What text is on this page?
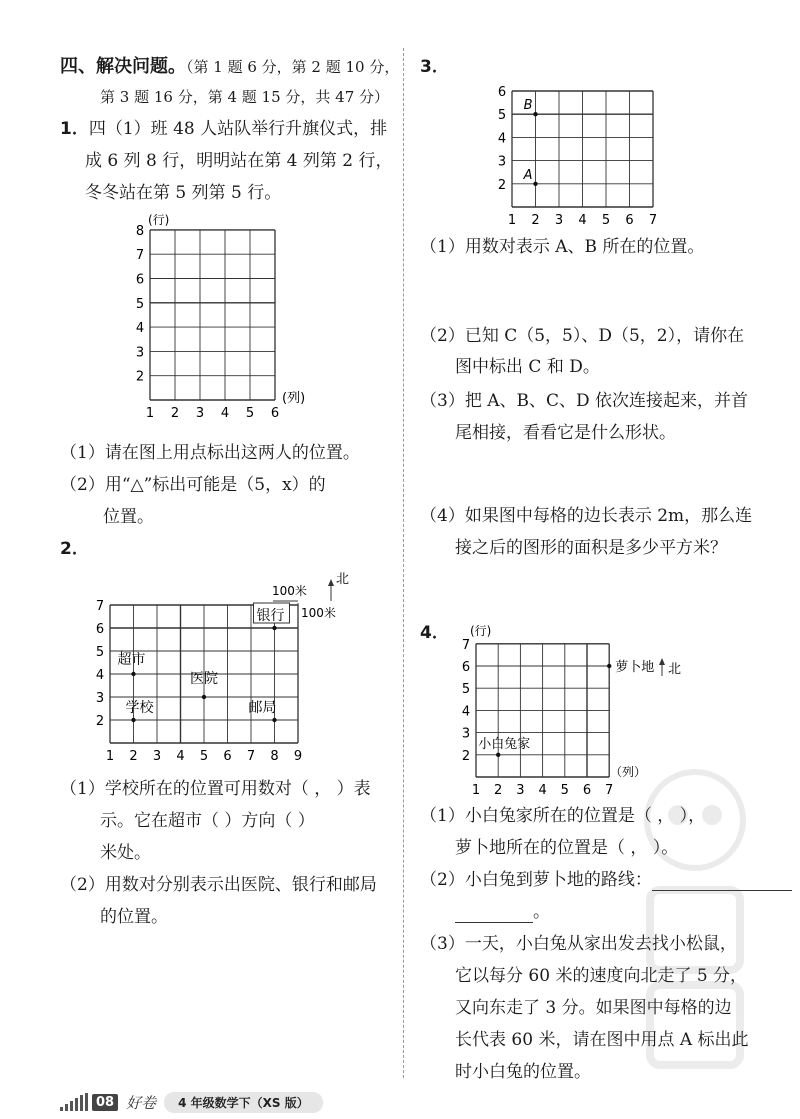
四、解决问题。（第 1 题 6 分，第 2 题 10 分，
第 3 题 16 分，第 4 题 15 分，共 47 分）
1．四（1）班 48 人站队举行升旗仪式，排
成 6 列 8 行，明明站在第 4 列第 2 行，
冬冬站在第 5 列第 5 行。
(行)
(列)
1 2 3 4 5 6
2
3
4
5
6
7
8
（1）请在图上用点标出这两人的位置。
（2）用“△”标出可能是（5，x）的
位置。
2．
1 2 3 4 5 6 7 8 9
2
3
4
5
6
7
超市
学校
医院
邮局
银行
100米
100米
北
（1）学校所在的位置可用数对（ ， ）表
示。它在超市（ ）方向（ ）
米处。
（2）用数对分别表示出医院、银行和邮局
的位置。
3．
1 2 3 4 5 6 7
2
3
4
5
6
B
A
（1）用数对表示 A、B 所在的位置。
（2）已知 C（5，5）、D（5，2），请你在
图中标出 C 和 D。
（3）把 A、B、C、D 依次连接起来，并首
尾相接，看看它是什么形状。
（4）如果图中每格的边长表示 2m，那么连
接之后的图形的面积是多少平方米？
4．
1 2 3 4 5 6 7
2
3
4
5
6
7
(行)
（列）
萝卜地
小白兔家
北
（1）小白兔家所在的位置是（ ， ），
萝卜地所在的位置是（ ， ）。
（2）小白兔到萝卜地的路线：
。
（3）一天，小白兔从家出发去找小松鼠，
它以每分 60 米的速度向北走了 5 分，
又向东走了 3 分。如果图中每格的边
长代表 60 米，请在图中用点 A 标出此
时小白兔的位置。
08 好卷	4 年级数学下（XS 版）
